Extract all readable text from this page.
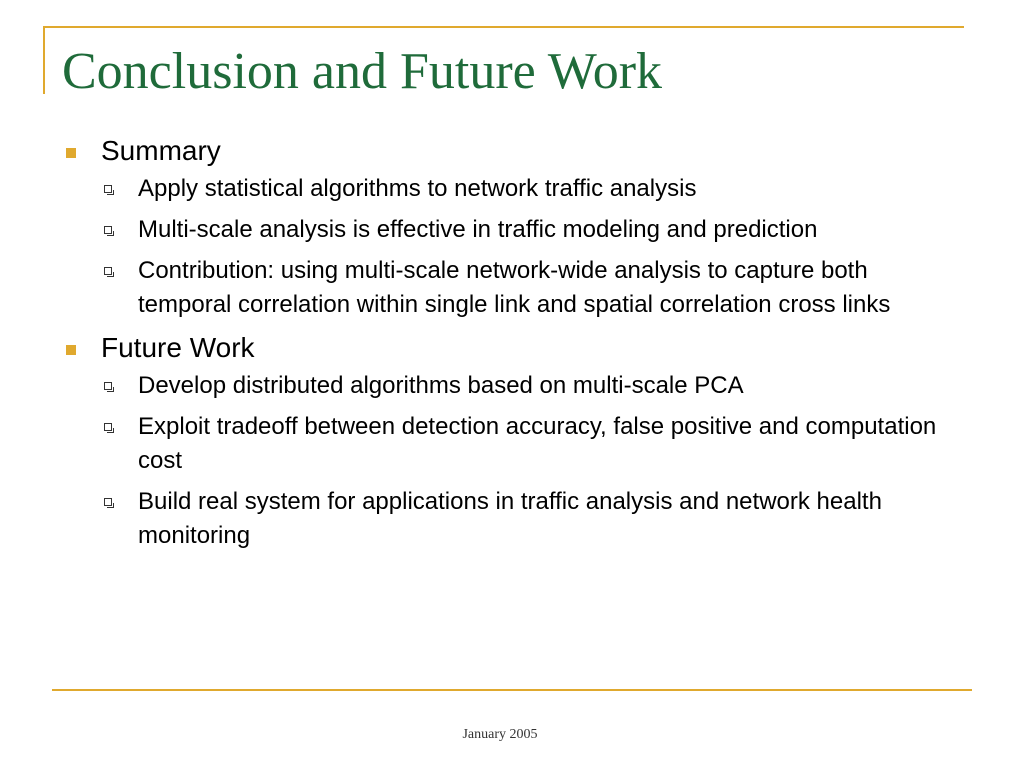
Conclusion and Future Work
Summary
Apply statistical algorithms to network traffic analysis
Multi-scale analysis is effective in traffic modeling and prediction
Contribution: using multi-scale network-wide analysis to capture both temporal correlation within single link and spatial correlation cross links
Future Work
Develop distributed algorithms based on multi-scale PCA
Exploit tradeoff between detection accuracy, false positive and computation cost
Build real system for applications in traffic analysis and network health monitoring
January 2005
